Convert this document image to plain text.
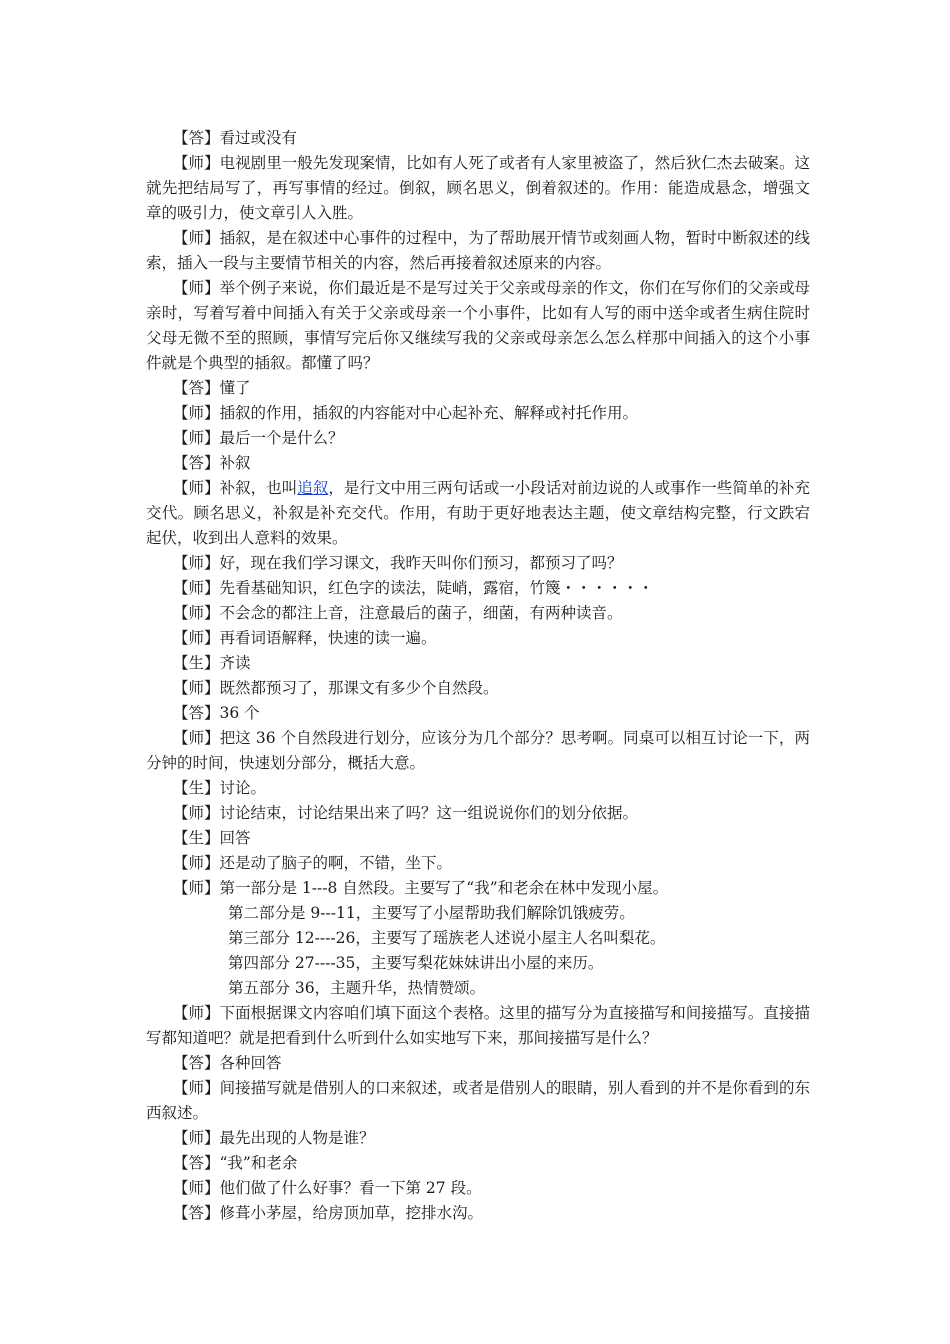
【答】看过或没有

【师】电视剧里一般先发现案情，比如有人死了或者有人家里被盗了，然后狄仁杰去破案。这就先把结局写了，再写事情的经过。倒叙，顾名思义，倒着叙述的。作用：能造成悬念，增强文章的吸引力，使文章引人入胜。

【师】插叙，是在叙述中心事件的过程中，为了帮助展开情节或刻画人物，暂时中断叙述的线索，插入一段与主要情节相关的内容，然后再接着叙述原来的内容。

【师】举个例子来说，你们最近是不是写过关于父亲或母亲的作文，你们在写你们的父亲或母亲时，写着写着中间插入有关于父亲或母亲一个小事件，比如有人写的雨中送伞或者生病住院时父母无微不至的照顾，事情写完后你又继续写我的父亲或母亲怎么怎么样那中间插入的这个小事件就是个典型的插叙。都懂了吗？

【答】懂了

【师】插叙的作用，插叙的内容能对中心起补充、解释或衬托作用。

【师】最后一个是什么？

【答】补叙

【师】补叙，也叫追叙，是行文中用三两句话或一小段话对前边说的人或事作一些简单的补充交代。顾名思义，补叙是补充交代。作用，有助于更好地表达主题，使文章结构完整，行文跌宕起伏，收到出人意料的效果。

【师】好，现在我们学习课文，我昨天叫你们预习，都预习了吗？

【师】先看基础知识，红色字的读法，陡峭，露宿，竹篾・・・・・・

【师】不会念的都注上音，注意最后的菌子，细菌，有两种读音。

【师】再看词语解释，快速的读一遍。

【生】齐读

【师】既然都预习了，那课文有多少个自然段。

【答】36 个

【师】把这 36 个自然段进行划分，应该分为几个部分？思考啊。同桌可以相互讨论一下，两分钟的时间，快速划分部分，概括大意。

【生】讨论。

【师】讨论结束，讨论结果出来了吗？这一组说说你们的划分依据。

【生】回答

【师】还是动了脑子的啊，不错，坐下。

【师】第一部分是 1---8 自然段。主要写了“我”和老余在林中发现小屋。

第二部分是 9---11，主要写了小屋帮助我们解除饥饿疲劳。

第三部分 12----26，主要写了瑶族老人述说小屋主人名叫梨花。

第四部分 27----35，主要写梨花妹妹讲出小屋的来历。

第五部分 36，主题升华，热情赞颂。

【师】下面根据课文内容咱们填下面这个表格。这里的描写分为直接描写和间接描写。直接描写都知道吧？就是把看到什么听到什么如实地写下来，那间接描写是什么？

【答】各种回答

【师】间接描写就是借别人的口来叙述，或者是借别人的眼睛，别人看到的并不是你看到的东西叙述。

【师】最先出现的人物是谁？

【答】“我”和老余

【师】他们做了什么好事？看一下第 27 段。

【答】修葺小茅屋，给房顶加草，挖排水沟。
